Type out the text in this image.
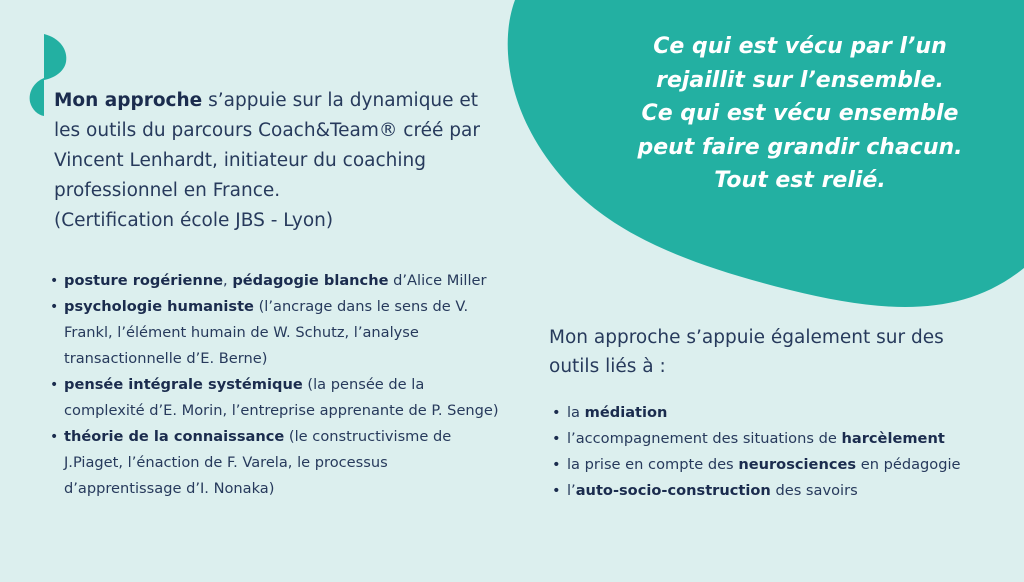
Mon approche s’appuie sur la dynamique et les outils du parcours Coach&Team® créé par Vincent Lenhardt, initiateur du coaching professionnel en France.
(Certification école JBS - Lyon)

• posture rogérienne, pédagogie blanche d’Alice Miller
• psychologie humaniste (l’ancrage dans le sens de V. Frankl, l’élément humain de W. Schutz, l’analyse transactionnelle d’E. Berne)
• pensée intégrale systémique (la pensée de la complexité d’E. Morin, l’entreprise apprenante de P. Senge)
• théorie de la connaissance (le constructivisme de J.Piaget, l’énaction de F. Varela, le processus d’apprentissage d’I. Nonaka)
Ce qui est vécu par l’un
rejaillit sur l’ensemble.
Ce qui est vécu ensemble
peut faire grandir chacun.
Tout est relié.

Mon approche s’appuie également sur des outils liés à :

• la médiation
• l’accompagnement des situations de harcèlement
• la prise en compte des neurosciences en pédagogie
• l’auto-socio-construction des savoirs
